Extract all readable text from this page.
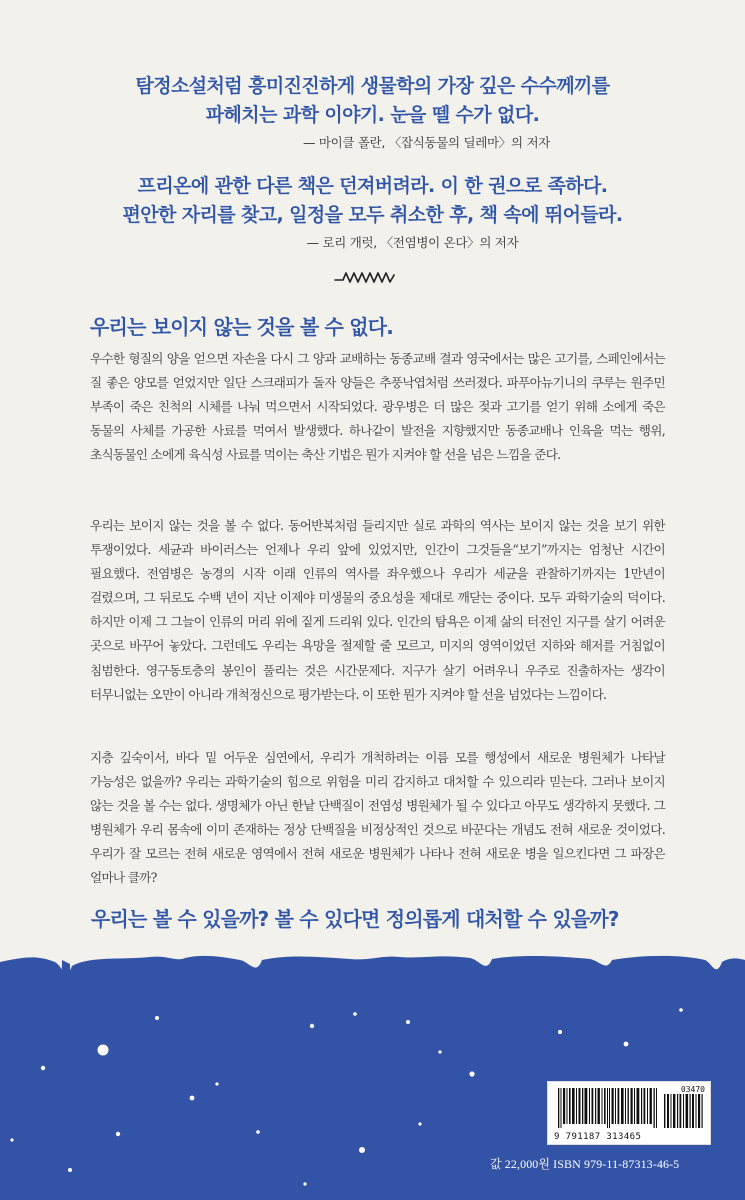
탐정소설처럼 흥미진진하게 생물학의 가장 깊은 수수께끼를
파헤치는 과학 이야기. 눈을 뗄 수가 없다.
— 마이클 폴란, 〈잡식동물의 딜레마〉의 저자
프리온에 관한 다른 책은 던져버려라. 이 한 권으로 족하다.
편안한 자리를 찾고, 일정을 모두 취소한 후, 책 속에 뛰어들라.
— 로리 개럿, 〈전염병이 온다〉의 저자
우리는 보이지 않는 것을 볼 수 없다.
우수한 형질의 양을 얻으면 자손을 다시 그 양과 교배하는 동종교배 결과 영국에서는 많은 고기를, 스페인에서는 질 좋은 양모를 얻었지만 일단 스크래피가 돌자 양들은 추풍낙엽처럼 쓰러졌다. 파푸아뉴기니의 쿠루는 원주민 부족이 죽은 친척의 시체를 나눠 먹으면서 시작되었다. 광우병은 더 많은 젖과 고기를 얻기 위해 소에게 죽은 동물의 사체를 가공한 사료를 먹여서 발생했다. 하나같이 발전을 지향했지만 동종교배나 인육을 먹는 행위, 초식동물인 소에게 육식성 사료를 먹이는 축산 기법은 뭔가 지켜야 할 선을 넘은 느낌을 준다.
우리는 보이지 않는 것을 볼 수 없다. 동어반복처럼 들리지만 실로 과학의 역사는 보이지 않는 것을 보기 위한 투쟁이었다. 세균과 바이러스는 언제나 우리 앞에 있었지만, 인간이 그것들을“보기”까지는 엄청난 시간이 필요했다. 전염병은 농경의 시작 이래 인류의 역사를 좌우했으나 우리가 세균을 관찰하기까지는 1만년이 걸렸으며, 그 뒤로도 수백 년이 지난 이제야 미생물의 중요성을 제대로 깨닫는 중이다. 모두 과학기술의 덕이다. 하지만 이제 그 그늘이 인류의 머리 위에 짙게 드리워 있다. 인간의 탐욕은 이제 삶의 터전인 지구를 살기 어려운 곳으로 바꾸어 놓았다. 그런데도 우리는 욕망을 절제할 줄 모르고, 미지의 영역이었던 지하와 해저를 거침없이 침범한다. 영구동토층의 봉인이 풀리는 것은 시간문제다. 지구가 살기 어려우니 우주로 진출하자는 생각이 터무니없는 오만이 아니라 개척정신으로 평가받는다. 이 또한 뭔가 지켜야 할 선을 넘었다는 느낌이다.
지층 깊숙이서, 바다 밑 어두운 심연에서, 우리가 개척하려는 이름 모를 행성에서 새로운 병원체가 나타날 가능성은 없을까? 우리는 과학기술의 힘으로 위험을 미리 감지하고 대처할 수 있으리라 믿는다. 그러나 보이지 않는 것을 볼 수는 없다. 생명체가 아닌 한낱 단백질이 전염성 병원체가 될 수 있다고 아무도 생각하지 못했다. 그 병원체가 우리 몸속에 이미 존재하는 정상 단백질을 비정상적인 것으로 바꾼다는 개념도 전혀 새로운 것이었다. 우리가 잘 모르는 전혀 새로운 영역에서 전혀 새로운 병원체가 나타나 전혀 새로운 병을 일으킨다면 그 파장은 얼마나 클까?
우리는 볼 수 있을까? 볼 수 있다면 정의롭게 대처할 수 있을까?
03470
9 791187 313465
값 22,000원 ISBN 979-11-87313-46-5
